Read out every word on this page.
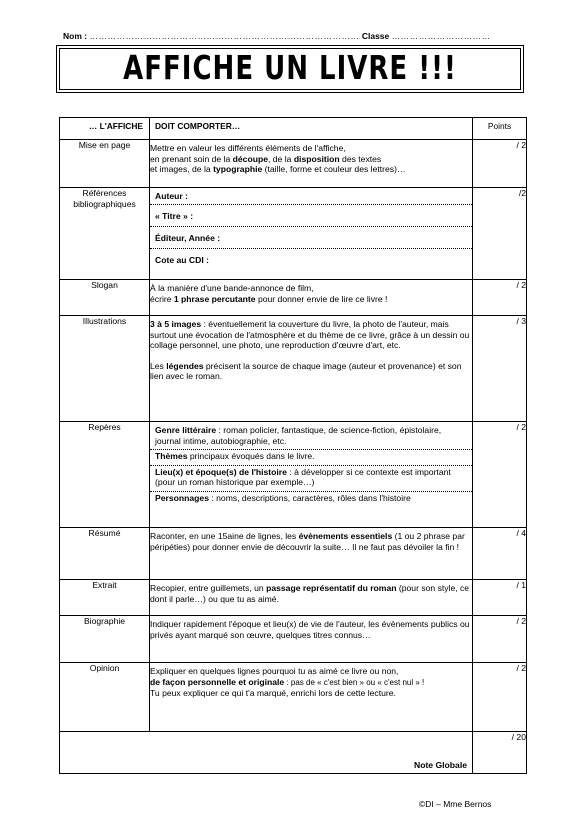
Nom : ……………………………………………………………………………… Classe ……………………………
AFFICHE UN LIVRE !!!
… L'AFFICHE	DOIT COMPORTER…	Points
Mise en page	Mettre en valeur les différents éléments de l'affiche,
en prenant soin de la découpe, de la disposition des textes
et images, de la typographie (taille, forme et couleur des lettres)…	/ 2
Références bibliographiques	Auteur :
« Titre » :
Éditeur, Année :
Cote au CDI :	/2
Slogan	À la manière d'une bande-annonce de film,
écrire 1 phrase percutante pour donner envie de lire ce livre !	/ 2
Illustrations	3 à 5 images : éventuellement la couverture du livre, la photo de l'auteur, mais surtout une évocation de l'atmosphère et du thème de ce livre, grâce à un dessin ou collage personnel, une photo, une reproduction d'œuvre d'art, etc.
Les légendes précisent la source de chaque image (auteur et provenance) et son lien avec le roman.	/ 3
Repères	Genre littéraire : roman policier, fantastique, de science-fiction, épistolaire, journal intime, autobiographie, etc.
Thèmes principaux évoqués dans le livre.
Lieu(x) et époque(s) de l'histoire : à développer si ce contexte est important (pour un roman historique par exemple…)
Personnages : noms, descriptions, caractères, rôles dans l'histoire	/ 2
Résumé	Raconter, en une 15aine de lignes, les évènements essentiels (1 ou 2 phrase par péripéties) pour donner envie de découvrir la suite… Il ne faut pas dévoiler la fin !	/ 4
Extrait	Recopier, entre guillemets, un passage représentatif du roman (pour son style, ce dont il parle…) ou que tu as aimé.	/ 1
Biographie	Indiquer rapidement l'époque et lieu(x) de vie de l'auteur, les évènements publics ou privés ayant marqué son œuvre, quelques titres connus…	/ 2
Opinion	Expliquer en quelques lignes pourquoi tu as aimé ce livre ou non,
de façon personnelle et originale : pas de « c'est bien » ou « c'est nul » !
Tu peux expliquer ce qui t'a marqué, enrichi lors de cette lecture.	/ 2
Note Globale		/ 20
©DI – Mme Bernos
